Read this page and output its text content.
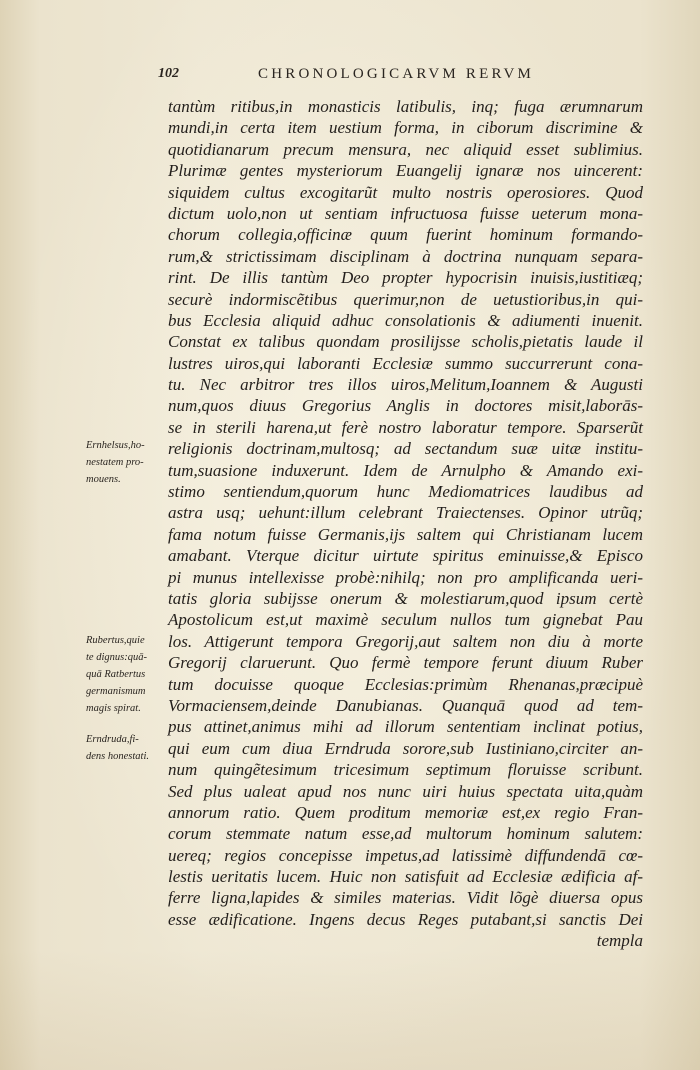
102	CHRONOLOGICARVM RERVM
Ernhelsus,ho-
nestatem pro-
mouens.
Rubertus,quie
te dignus:quā-
quā Ratbertus
germanismum
magis spirat.
Erndruda,fi-
dens honestati.
tantùm ritibus,in monasticis latibulis, inq; fuga ærumnarum
mundi,in certa item uestium forma, in ciborum discrimine &
quotidianarum precum mensura, nec aliquid esset sublimius.
Plurimæ gentes mysteriorum Euangelij ignaræ nos uincerent:
siquidem cultus excogitarũt multo nostris operosiores. Quod
dictum uolo,non ut sentiam infructuosa fuisse ueterum mona-
chorum collegia,officinæ quum fuerint hominum formando-
rum,& strictissimam disciplinam à doctrina nunquam separa-
rint. De illis tantùm Deo propter hypocrisin inuisis,iustitiæq;
securè indormiscẽtibus querimur,non de uetustioribus,in qui-
bus Ecclesia aliquid adhuc consolationis & adiumenti inuenit.
Constat ex talibus quondam prosilijsse scholis,pietatis laude il
lustres uiros,qui laboranti Ecclesiæ summo succurrerunt cona-
tu. Nec arbitror tres illos uiros,Melitum,Ioannem & Augusti
num,quos diuus Gregorius Anglis in doctores misit,laborās-
se in sterili harena,ut ferè nostro laboratur tempore. Sparserũt
religionis doctrinam,multosq; ad sectandum suæ uitæ institu-
tum,suasione induxerunt. Idem de Arnulpho & Amando exi-
stimo sentiendum,quorum hunc Mediomatrices laudibus ad
astra usq; uehunt:illum celebrant Traiectenses. Opinor utrũq;
fama notum fuisse Germanis,ijs saltem qui Christianam lucem
amabant. Vterque dicitur uirtute spiritus eminuisse,& Episco
pi munus intellexisse probè:nihilq; non pro amplificanda ueri-
tatis gloria subijsse onerum & molestiarum,quod ipsum certè
Apostolicum est,ut maximè seculum nullos tum gignebat Pau
los. Attigerunt tempora Gregorij,aut saltem non diu à morte
Gregorij claruerunt. Quo fermè tempore ferunt diuum Ruber
tum docuisse quoque Ecclesias:primùm Rhenanas,præcipuè
Vormaciensem,deinde Danubianas. Quanquā quod ad tem-
pus attinet,animus mihi ad illorum sententiam inclinat potius,
qui eum cum diua Erndruda sorore,sub Iustiniano,circiter an-
num quingẽtesimum tricesimum septimum floruisse scribunt.
Sed plus ualeat apud nos nunc uiri huius spectata uita,quàm
annorum ratio. Quem proditum memoriæ est,ex regio Fran-
corum stemmate natum esse,ad multorum hominum salutem:
uereq; regios concepisse impetus,ad latissimè diffundendā cœ-
lestis ueritatis lucem. Huic non satisfuit ad Ecclesiæ ædificia af-
ferre ligna,lapides & similes materias. Vidit lõgè diuersa opus
esse ædificatione. Ingens decus Reges putabant,si sanctis Dei
templa
